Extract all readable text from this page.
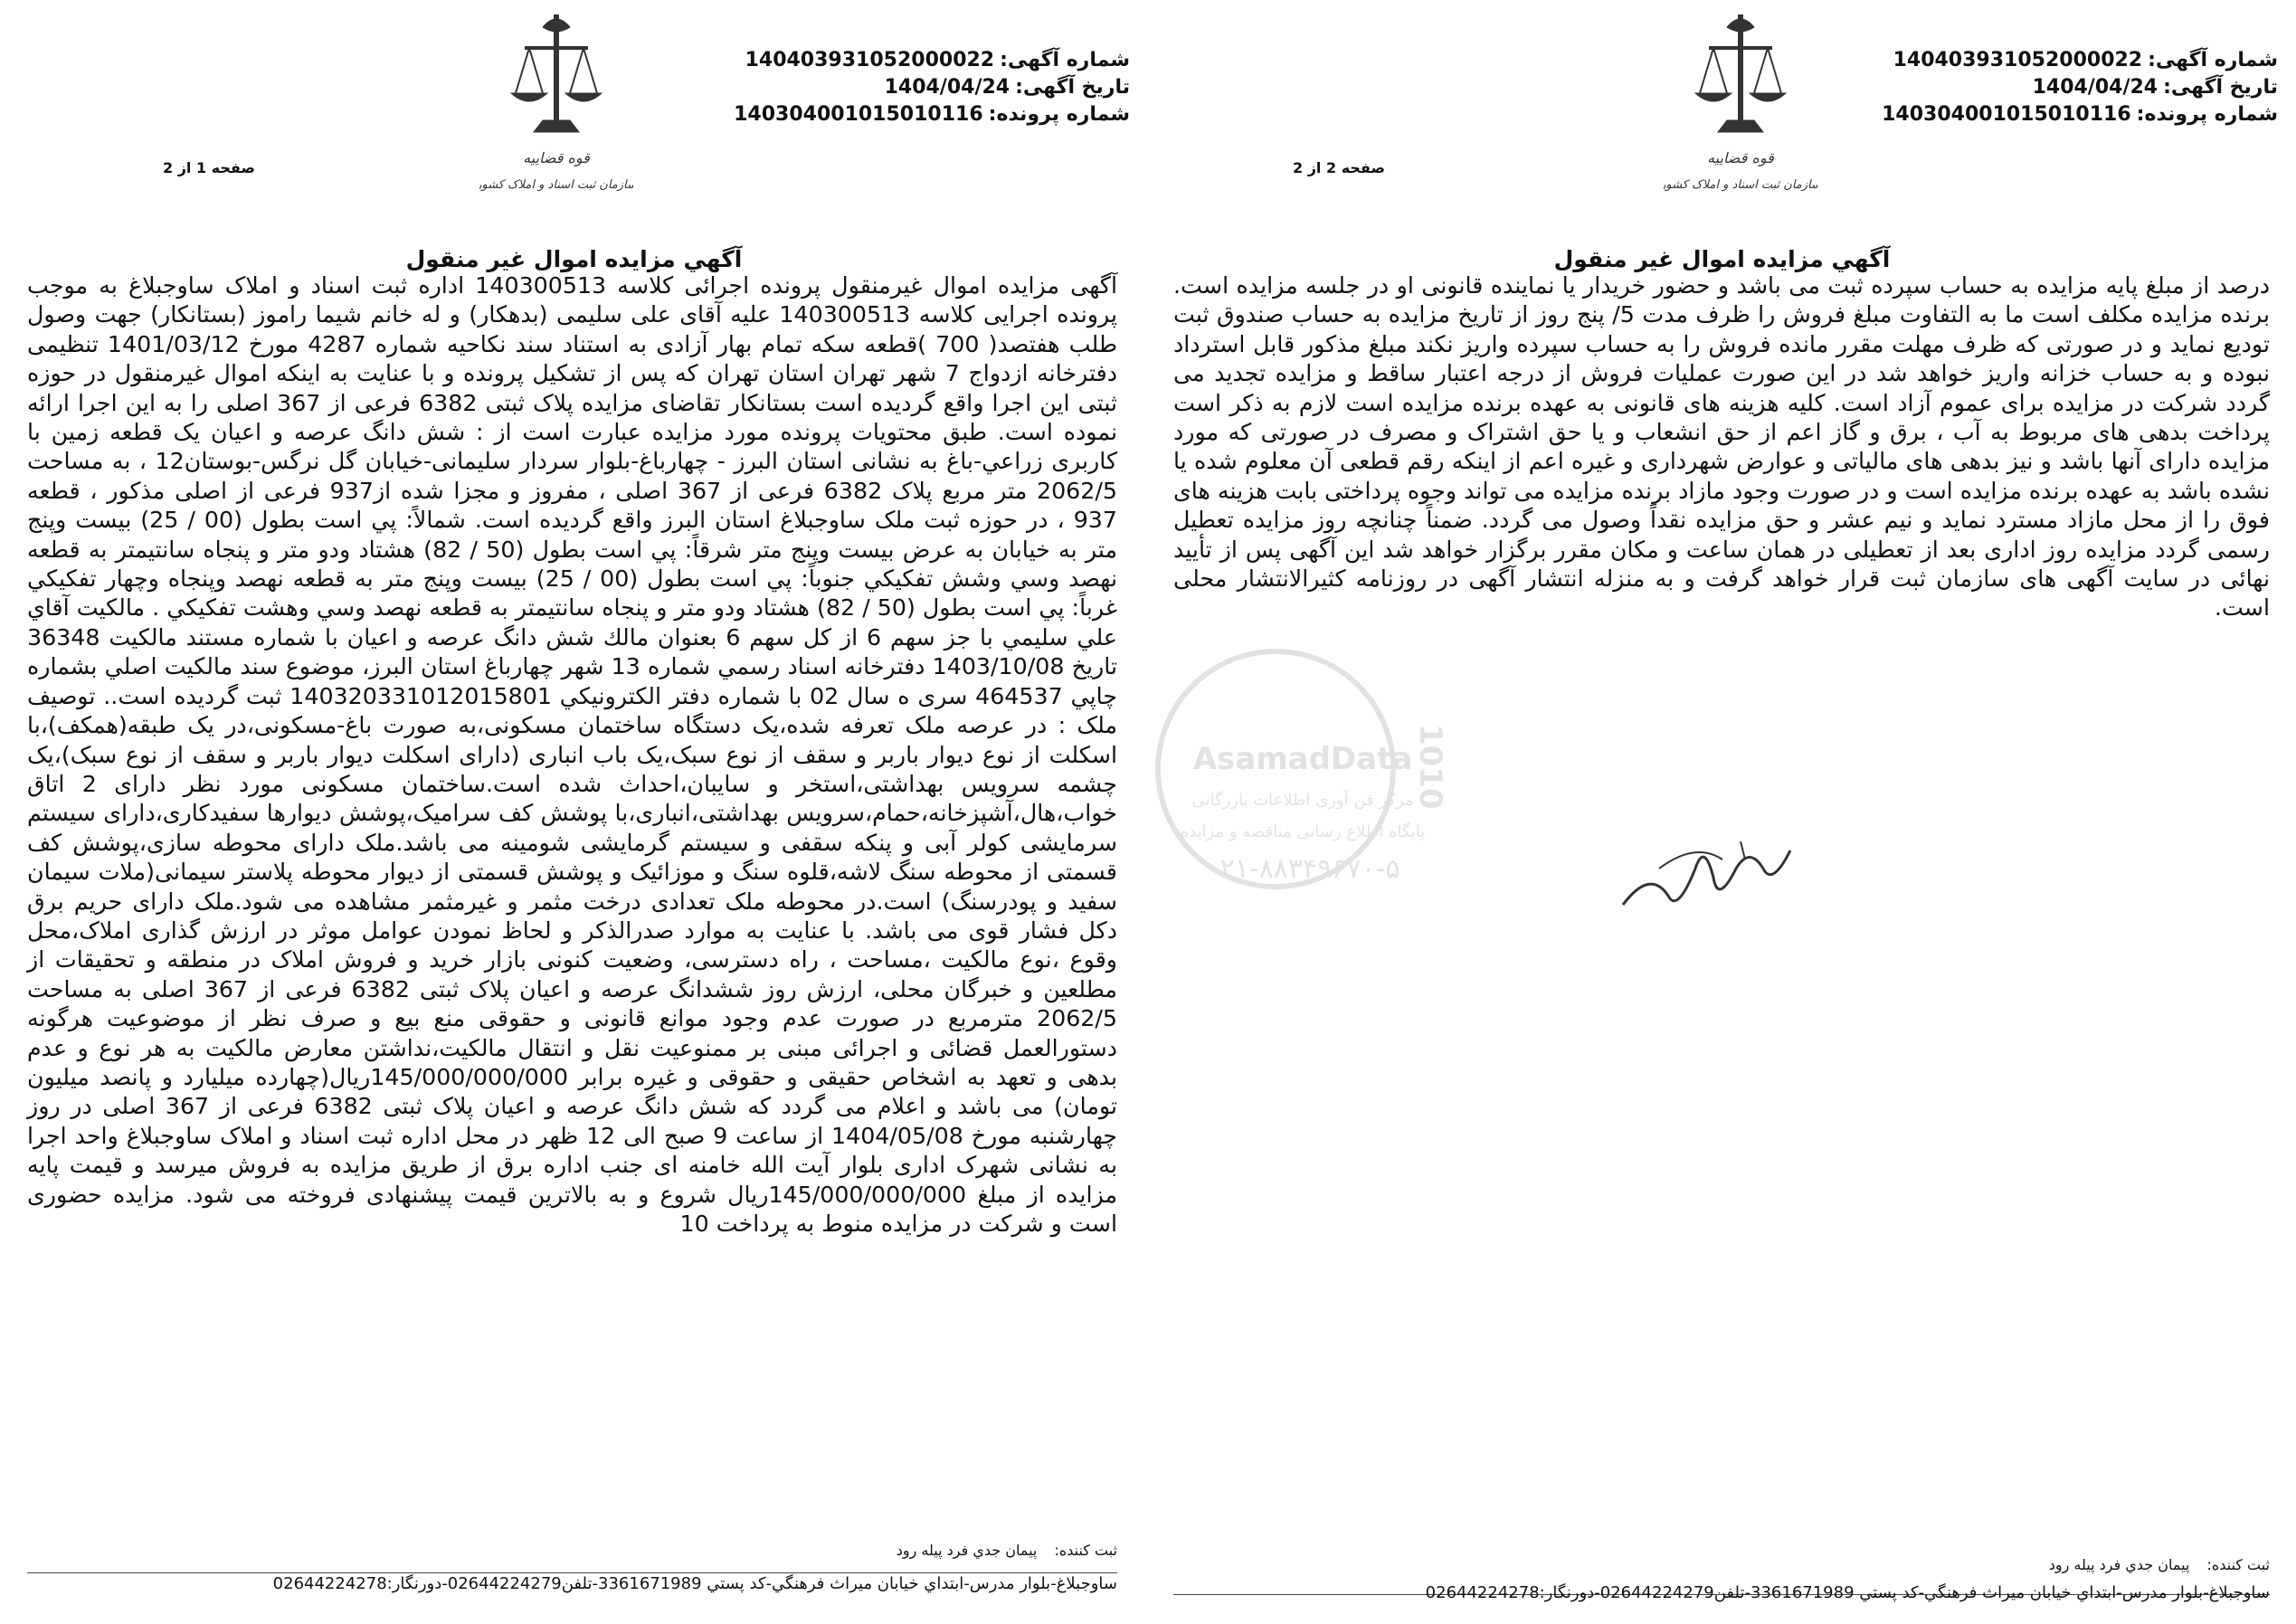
شماره آگهی:140403931052000022
تاریخ آگهی:1404/04/24
شماره پرونده:140304001015010116
قوه قضاییه
سازمان ثبت اسناد و املاک کشور
صفحه 1 از 2
آگهي مزايده اموال غير منقول

آگهی مزایده اموال غیرمنقول پرونده اجرائی کلاسه 140300513 اداره ثبت اسناد و املاک ساوجبلاغ به موجب پرونده اجرایی کلاسه 140300513 علیه آقای علی سلیمی (بدهکار) و له خانم شیما راموز (بستانکار) جهت وصول طلب هفتصد( 700 )قطعه سکه تمام بهار آزادی به استناد سند نکاحیه شماره 4287 مورخ 1401/03/12 تنظیمی دفترخانه ازدواج 7 شهر تهران استان تهران که پس از تشکیل پرونده و با عنایت به اینکه اموال غیرمنقول در حوزه ثبتی این اجرا واقع گردیده است بستانکار تقاضای مزایده پلاک ثبتی 6382 فرعی از 367 اصلی را به این اجرا ارائه نموده است. طبق محتویات پرونده مورد مزایده عبارت است از : شش دانگ عرصه و اعیان یک قطعه زمین با کاربری زراعي-باغ به نشانی استان البرز - چهارباغ-بلوار سردار سلیمانی-خیابان گل نرگس-بوستان12 ، به مساحت 2062/5 متر مربع پلاک 6382 فرعی از 367 اصلی ، مفروز و مجزا شده از937 فرعی از اصلی مذکور ، قطعه 937 ، در حوزه ثبت ملک ساوجبلاغ استان البرز واقع گردیده است. شمالاً: پي است بطول (00 / 25) بيست وپنج متر به خيابان به عرض بيست وپنج متر شرقاً: پي است بطول (50 / 82) هشتاد ودو متر و پنجاه سانتيمتر به قطعه نهصد وسي وشش تفكيكي جنوباً: پي است بطول (00 / 25) بيست وپنج متر به قطعه نهصد وپنجاه وچهار تفكيكي غرباً: پي است بطول (50 / 82) هشتاد ودو متر و پنجاه سانتيمتر به قطعه نهصد وسي وهشت تفكيكي . مالكيت آقاي علي سليمي با جز سهم 6 از كل سهم 6 بعنوان مالك شش دانگ عرصه و اعيان با شماره مستند مالكيت 36348 تاريخ 1403/10/08 دفترخانه اسناد رسمي شماره 13 شهر چهارباغ استان البرز، موضوع سند مالكيت اصلي بشماره چاپي 464537 سری ه سال 02 با شماره دفتر الكترونيكي 140320331012015801 ثبت گرديده است.. توصیف ملک : در عرصه ملک تعرفه شده،یک دستگاه ساختمان مسکونی،به صورت باغ-مسکونی،در یک طبقه(همکف)،با اسکلت از نوع دیوار باربر و سقف از نوع سبک،یک باب انباری (دارای اسکلت دیوار باربر و سقف از نوع سبک)،یک چشمه سرویس بهداشتی،استخر و سایبان،احداث شده است.ساختمان مسکونی مورد نظر دارای 2 اتاق خواب،هال،آشپزخانه،حمام،سرویس بهداشتی،انباری،با پوشش کف سرامیک،پوشش دیوارها سفیدکاری،دارای سیستم سرمایشی کولر آبی و پنکه سقفی و سیستم گرمایشی شومینه می باشد.ملک دارای محوطه سازی،پوشش کف قسمتی از محوطه سنگ لاشه،قلوه سنگ و موزائیک و پوشش قسمتی از دیوار محوطه پلاستر سیمانی(ملات سیمان سفید و پودرسنگ) است.در محوطه ملک تعدادی درخت مثمر و غیرمثمر مشاهده می شود.ملک دارای حریم برق دکل فشار قوی می باشد. با عنایت به موارد صدرالذکر و لحاظ نمودن عوامل موثر در ارزش گذاری املاک،محل وقوع ،نوع مالکیت ،مساحت ، راه دسترسی، وضعیت کنونی بازار خرید و فروش املاک در منطقه و تحقیقات از مطلعین و خبرگان محلی، ارزش روز ششدانگ عرصه و اعیان پلاک ثبتی 6382 فرعی از 367 اصلی به مساحت 2062/5 مترمربع در صورت عدم وجود موانع قانونی و حقوقی منع بیع و صرف نظر از موضوعیت هرگونه دستورالعمل قضائی و اجرائی مبنی بر ممنوعیت نقل و انتقال مالکیت،نداشتن معارض مالکیت به هر نوع و عدم بدهی و تعهد به اشخاص حقیقی و حقوقی و غیره برابر 145/000/000/000ریال(چهارده میلیارد و پانصد میلیون تومان) می باشد و اعلام می گردد که شش دانگ عرصه و اعیان پلاک ثبتی 6382 فرعی از 367 اصلی در روز چهارشنبه مورخ 1404/05/08 از ساعت 9 صبح الی 12 ظهر در محل اداره ثبت اسناد و املاک ساوجبلاغ واحد اجرا به نشانی شهرک اداری بلوار آیت الله خامنه ای جنب اداره برق از طریق مزایده به فروش میرسد و قیمت پایه مزایده از مبلغ 145/000/000/000ریال شروع و به بالاترین قیمت پیشنهادی فروخته می شود. مزایده حضوری است و شرکت در مزایده منوط به پرداخت 10

ثبت كننده: پيمان جدي فرد پيله رود
ساوجبلاغ-بلوار مدرس-ابتداي خيابان ميراث فرهنگي-كد پستي 3361671989-تلفن02644224279-دورنگار:02644224278
شماره آگهی:140403931052000022
تاریخ آگهی:1404/04/24
شماره پرونده:140304001015010116
قوه قضاییه
سازمان ثبت اسناد و املاک کشور
صفحه 2 از 2
آگهي مزايده اموال غير منقول

درصد از مبلغ پایه مزایده به حساب سپرده ثبت می باشد و حضور خریدار یا نماینده قانونی او در جلسه مزایده است. برنده مزایده مکلف است ما به التفاوت مبلغ فروش را ظرف مدت 5/ پنج روز از تاریخ مزایده به حساب صندوق ثبت تودیع نماید و در صورتی که ظرف مهلت مقرر مانده فروش را به حساب سپرده واریز نکند مبلغ مذکور قابل استرداد نبوده و به حساب خزانه واریز خواهد شد در این صورت عملیات فروش از درجه اعتبار ساقط و مزایده تجدید می گردد شرکت در مزایده برای عموم آزاد است. کلیه هزینه های قانونی به عهده برنده مزایده است لازم به ذکر است پرداخت بدهی های مربوط به آب ، برق و گاز اعم از حق انشعاب و یا حق اشتراک و مصرف در صورتی که مورد مزایده دارای آنها باشد و نیز بدهی های مالیاتی و عوارض شهرداری و غیره اعم از اینکه رقم قطعی آن معلوم شده یا نشده باشد به عهده برنده مزایده است و در صورت وجود مازاد برنده مزایده می تواند وجوه پرداختی بابت هزینه های فوق را از محل مازاد مسترد نماید و نیم عشر و حق مزایده نقداً وصول می گردد. ضمناً چنانچه روز مزایده تعطیل رسمی گردد مزایده روز اداری بعد از تعطیلی در همان ساعت و مکان مقرر برگزار خواهد شد این آگهی پس از تأیید نهائی در سایت آگهی های سازمان ثبت قرار خواهد گرفت و به منزله انتشار آگهی در روزنامه کثیرالانتشار محلی است.

ثبت كننده: پيمان جدي فرد پيله رود
ساوجبلاغ-بلوار مدرس-ابتداي خيابان ميراث فرهنگي-كد پستي 3361671989-تلفن02644224279-دورنگار:02644224278
1010
AsamadData
مرکز فن آوری اطلاعات بازرگانی
پایگاه اطلاع رسانی مناقصه و مزایده
۰۲۱-۸۸۳۴۹۶۷۰-۵
